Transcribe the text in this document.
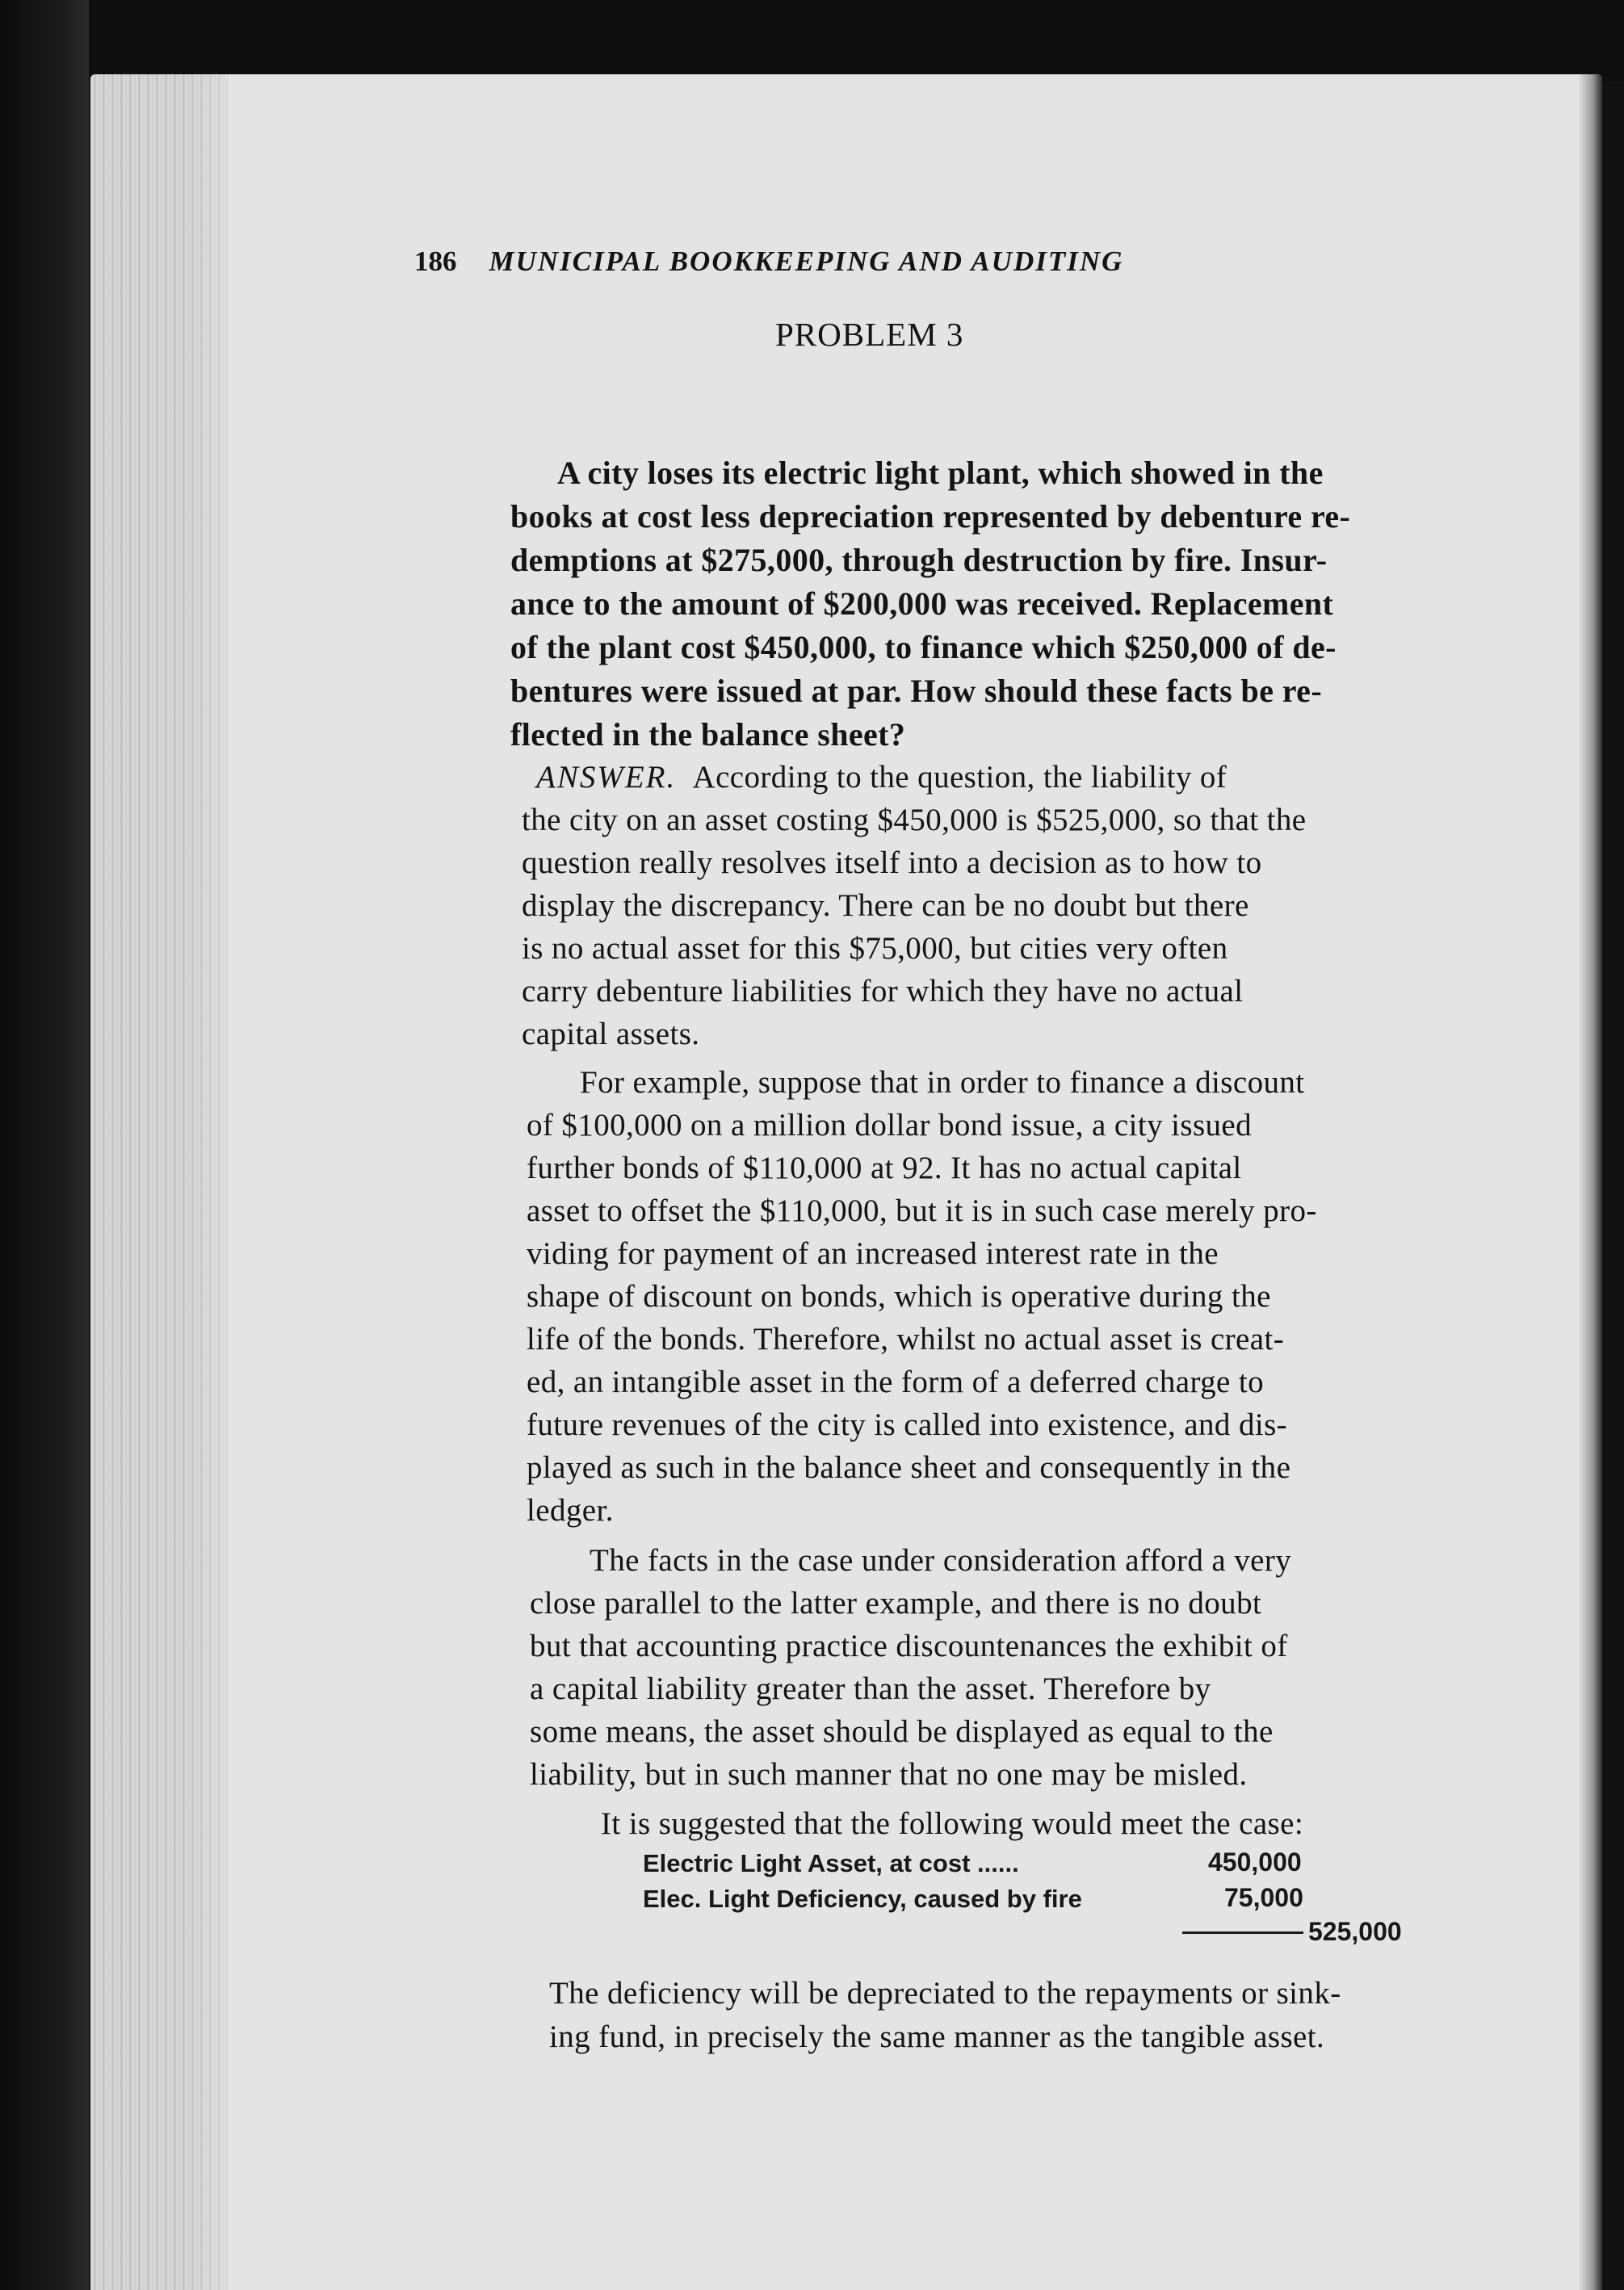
186 MUNICIPAL BOOKKEEPING AND AUDITING
PROBLEM 3
A city loses its electric light plant, which showed in the
books at cost less depreciation represented by debenture re-
demptions at $275,000, through destruction by fire. Insur-
ance to the amount of $200,000 was received. Replacement
of the plant cost $450,000, to finance which $250,000 of de-
bentures were issued at par. How should these facts be re-
flected in the balance sheet?
ANSWER. According to the question, the liability of
the city on an asset costing $450,000 is $525,000, so that the
question really resolves itself into a decision as to how to
display the discrepancy. There can be no doubt but there
is no actual asset for this $75,000, but cities very often
carry debenture liabilities for which they have no actual
capital assets.
For example, suppose that in order to finance a discount
of $100,000 on a million dollar bond issue, a city issued
further bonds of $110,000 at 92. It has no actual capital
asset to offset the $110,000, but it is in such case merely pro-
viding for payment of an increased interest rate in the
shape of discount on bonds, which is operative during the
life of the bonds. Therefore, whilst no actual asset is creat-
ed, an intangible asset in the form of a deferred charge to
future revenues of the city is called into existence, and dis-
played as such in the balance sheet and consequently in the
ledger.
The facts in the case under consideration afford a very
close parallel to the latter example, and there is no doubt
but that accounting practice discountenances the exhibit of
a capital liability greater than the asset. Therefore by
some means, the asset should be displayed as equal to the
liability, but in such manner that no one may be misled.
It is suggested that the following would meet the case:
Electric Light Asset, at cost ......	450,000
Elec. Light Deficiency, caused by fire	75,000
525,000
The deficiency will be depreciated to the repayments or sink-
ing fund, in precisely the same manner as the tangible asset.
